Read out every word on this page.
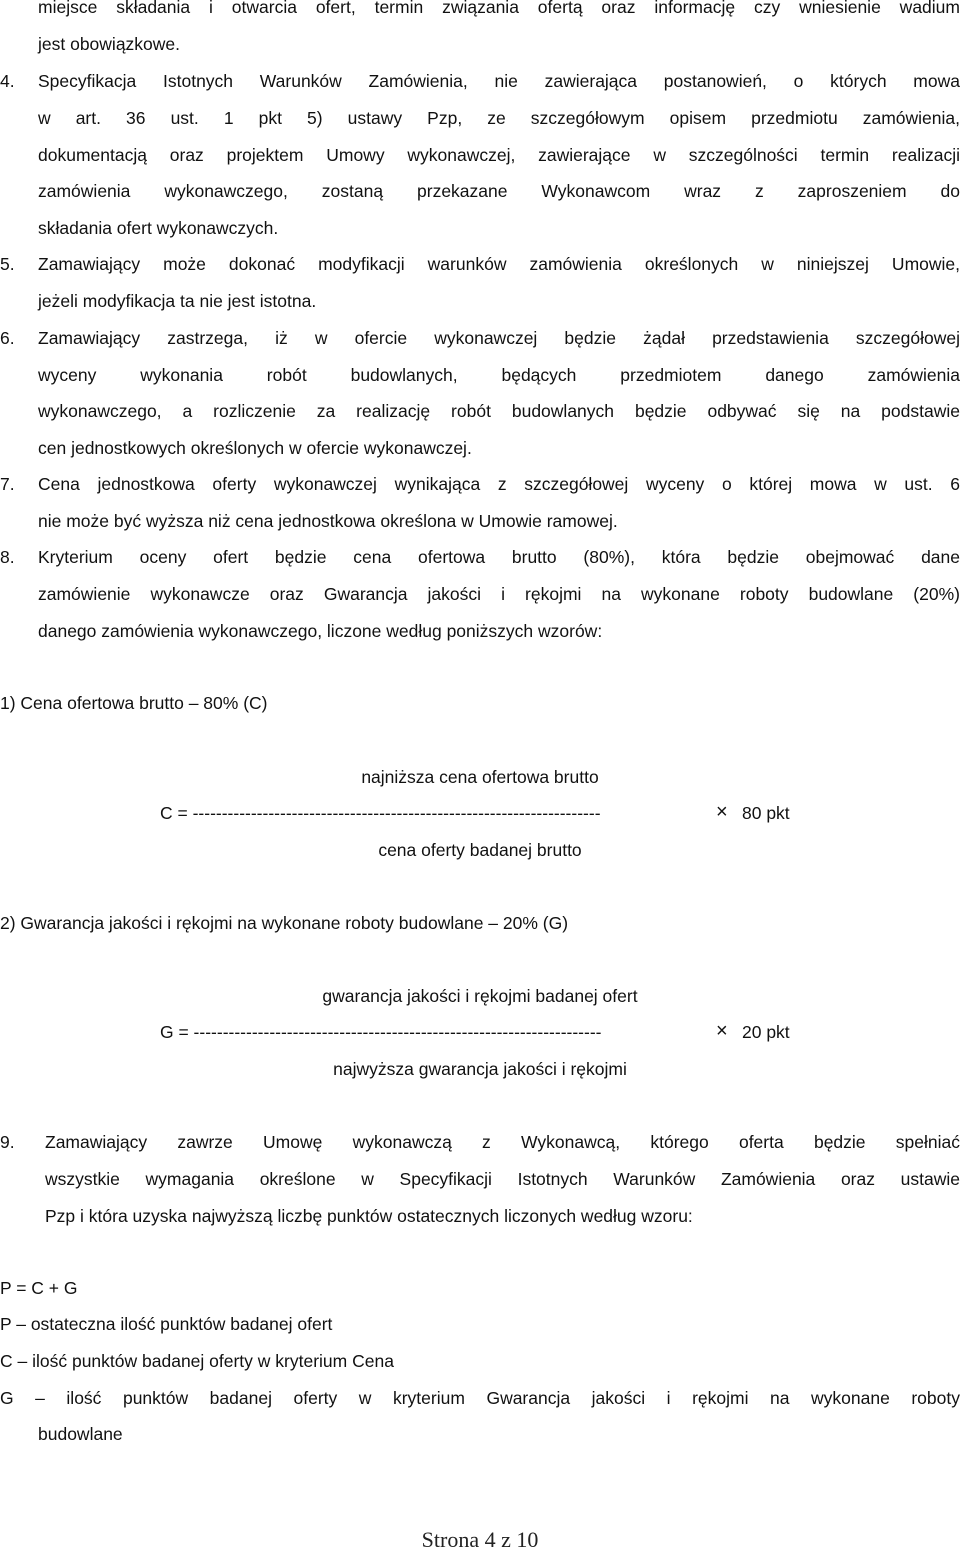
miejsce składania i otwarcia ofert, termin związania ofertą oraz informację czy wniesienie wadium
jest obowiązkowe.
4. Specyfikacja Istotnych Warunków Zamówienia, nie zawierająca postanowień, o których mowa
w art. 36 ust. 1 pkt 5) ustawy Pzp, ze szczegółowym opisem przedmiotu zamówienia,
dokumentacją oraz projektem Umowy wykonawczej, zawierające w szczególności termin realizacji
zamówienia wykonawczego, zostaną przekazane Wykonawcom wraz z zaproszeniem do
składania ofert wykonawczych.
5. Zamawiający może dokonać modyfikacji warunków zamówienia określonych w niniejszej Umowie,
jeżeli modyfikacja ta nie jest istotna.
6. Zamawiający zastrzega, iż w ofercie wykonawczej będzie żądał przedstawienia szczegółowej
wyceny wykonania robót budowlanych, będących przedmiotem danego zamówienia
wykonawczego, a rozliczenie za realizację robót budowlanych będzie odbywać się na podstawie
cen jednostkowych określonych w ofercie wykonawczej.
7. Cena jednostkowa oferty wykonawczej wynikająca z szczegółowej wyceny o której mowa w ust. 6
nie może być wyższa niż cena jednostkowa określona w Umowie ramowej.
8. Kryterium oceny ofert będzie cena ofertowa brutto (80%), która będzie obejmować dane
zamówienie wykonawcze oraz Gwarancja jakości i rękojmi na wykonane roboty budowlane (20%)
danego zamówienia wykonawczego, liczone według poniższych wzorów:
1) Cena ofertowa brutto – 80% (C)
najniższa cena ofertowa brutto
C = ----------------------------------------------------------------------	× 80 pkt
cena oferty badanej brutto
2) Gwarancja jakości i rękojmi na wykonane roboty budowlane – 20% (G)
gwarancja jakości i rękojmi badanej ofert
G = ----------------------------------------------------------------------	× 20 pkt
najwyższa gwarancja jakości i rękojmi
9. Zamawiający zawrze Umowę wykonawczą z Wykonawcą, którego oferta będzie spełniać
wszystkie wymagania określone w Specyfikacji Istotnych Warunków Zamówienia oraz ustawie
Pzp i która uzyska najwyższą liczbę punktów ostatecznych liczonych według wzoru:
P = C + G
P – ostateczna ilość punktów badanej ofert
C – ilość punktów badanej oferty w kryterium Cena
G – ilość punktów badanej oferty w kryterium Gwarancja jakości i rękojmi na wykonane roboty
budowlane
Strona 4 z 10
